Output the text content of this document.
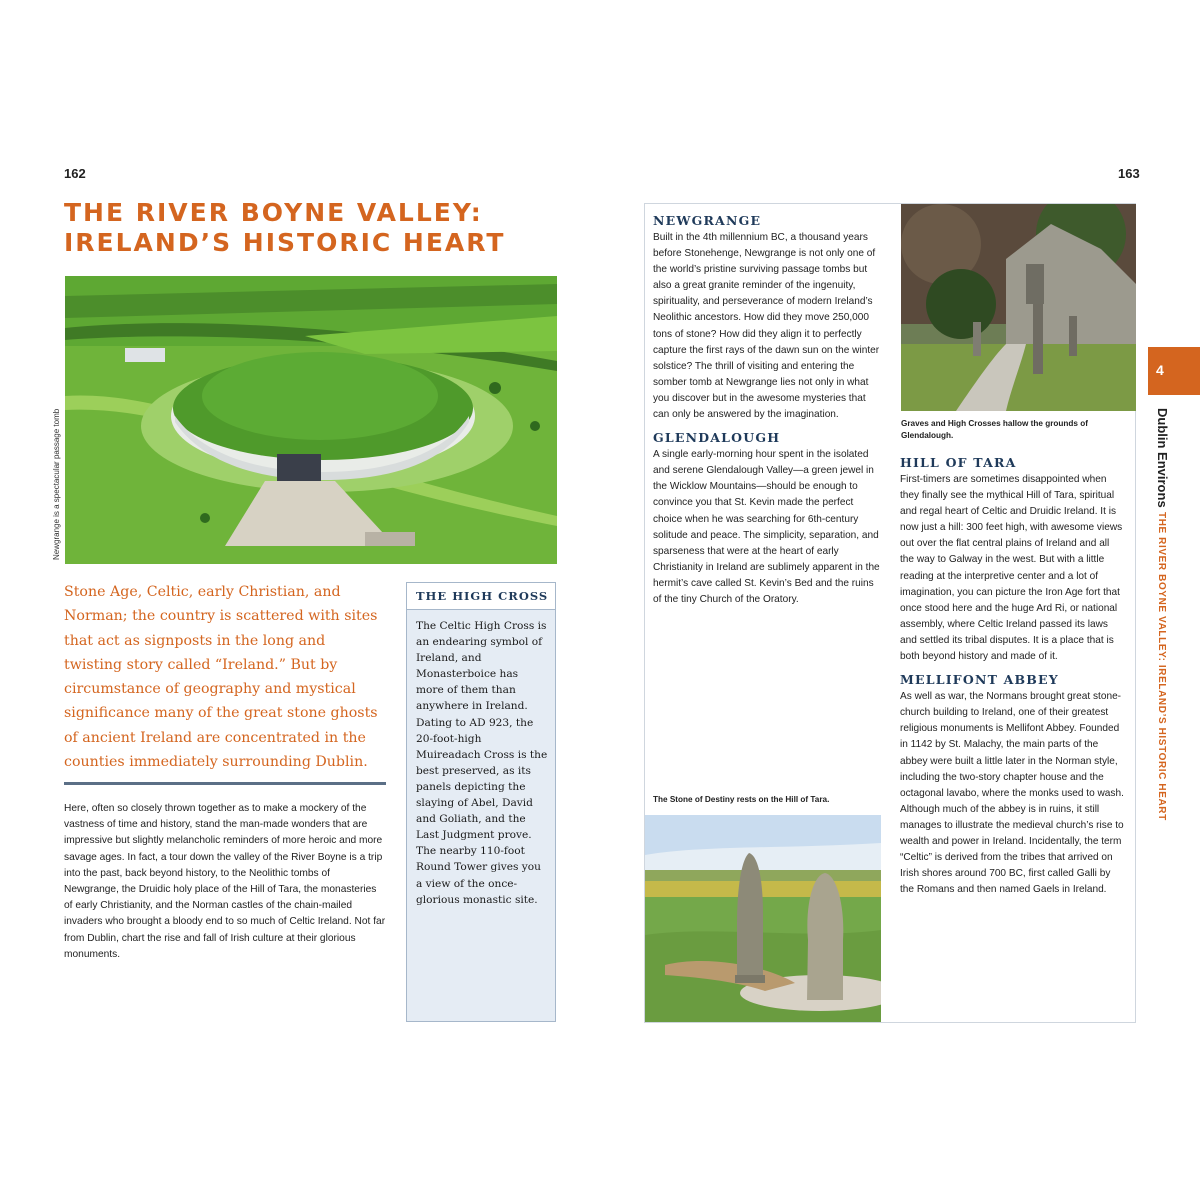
162	163
THE RIVER BOYNE VALLEY:
IRELAND’S HISTORIC HEART
Newgrange is a spectacular passage tomb
Stone Age, Celtic, early Christian, and Norman; the country is scattered with sites that act as signposts in the long and twisting story called “Ireland.” But by circumstance of geography and mystical significance many of the great stone ghosts of ancient Ireland are concentrated in the counties immediately surrounding Dublin.

Here, often so closely thrown together as to make a mockery of the vastness of time and history, stand the man-made wonders that are impressive but slightly melancholic reminders of more heroic and more savage ages. In fact, a tour down the valley of the River Boyne is a trip into the past, back beyond history, to the Neolithic tombs of Newgrange, the Druidic holy place of the Hill of Tara, the monasteries of early Christianity, and the Norman castles of the chain-mailed invaders who brought a bloody end to so much of Celtic Ireland. Not far from Dublin, chart the rise and fall of Irish culture at their glorious monuments.

THE HIGH CROSS
The Celtic High Cross is an endearing symbol of Ireland, and Monasterboice has more of them than anywhere in Ireland. Dating to AD 923, the 20-foot-high Muireadach Cross is the best preserved, as its panels depicting the slaying of Abel, David and Goliath, and the Last Judgment prove. The nearby 110-foot Round Tower gives you a view of the once-glorious monastic site.
NEWGRANGE

Built in the 4th millennium BC, a thousand years before Stonehenge, Newgrange is not only one of the world’s pristine surviving passage tombs but also a great granite reminder of the ingenuity, spirituality, and perseverance of modern Ireland’s Neolithic ancestors. How did they move 250,000 tons of stone? How did they align it to perfectly capture the first rays of the dawn sun on the winter solstice? The thrill of visiting and entering the somber tomb at Newgrange lies not only in what you discover but in the awesome mysteries that can only be answered by the imagination.

GLENDALOUGH

A single early-morning hour spent in the isolated and serene Glendalough Valley—a green jewel in the Wicklow Mountains—should be enough to convince you that St. Kevin made the perfect choice when he was searching for 6th-century solitude and peace. The simplicity, separation, and sparseness that were at the heart of early Christianity in Ireland are sublimely apparent in the hermit’s cave called St. Kevin’s Bed and the ruins of the tiny Church of the Oratory.

The Stone of Destiny rests on the Hill of Tara.
Graves and High Crosses hallow the grounds of Glendalough.
HILL OF TARA

First-timers are sometimes disappointed when they finally see the mythical Hill of Tara, spiritual and regal heart of Celtic and Druidic Ireland. It is now just a hill: 300 feet high, with awesome views out over the flat central plains of Ireland and all the way to Galway in the west. But with a little reading at the interpretive center and a lot of imagination, you can picture the Iron Age fort that once stood here and the huge Ard Ri, or national assembly, where Celtic Ireland passed its laws and settled its tribal disputes. It is a place that is both beyond history and made of it.

MELLIFONT ABBEY

As well as war, the Normans brought great stone-church building to Ireland, one of their greatest religious monuments is Mellifont Abbey. Founded in 1142 by St. Malachy, the main parts of the abbey were built a little later in the Norman style, including the two-story chapter house and the octagonal lavabo, where the monks used to wash. Although much of the abbey is in ruins, it still manages to illustrate the medieval church’s rise to wealth and power in Ireland. Incidentally, the term “Celtic” is derived from the tribes that arrived on Irish shores around 700 BC, first called Galli by the Romans and then named Gaels in Ireland.

4
Dublin Environs
THE RIVER BOYNE VALLEY: IRELAND’S HISTORIC HEART
